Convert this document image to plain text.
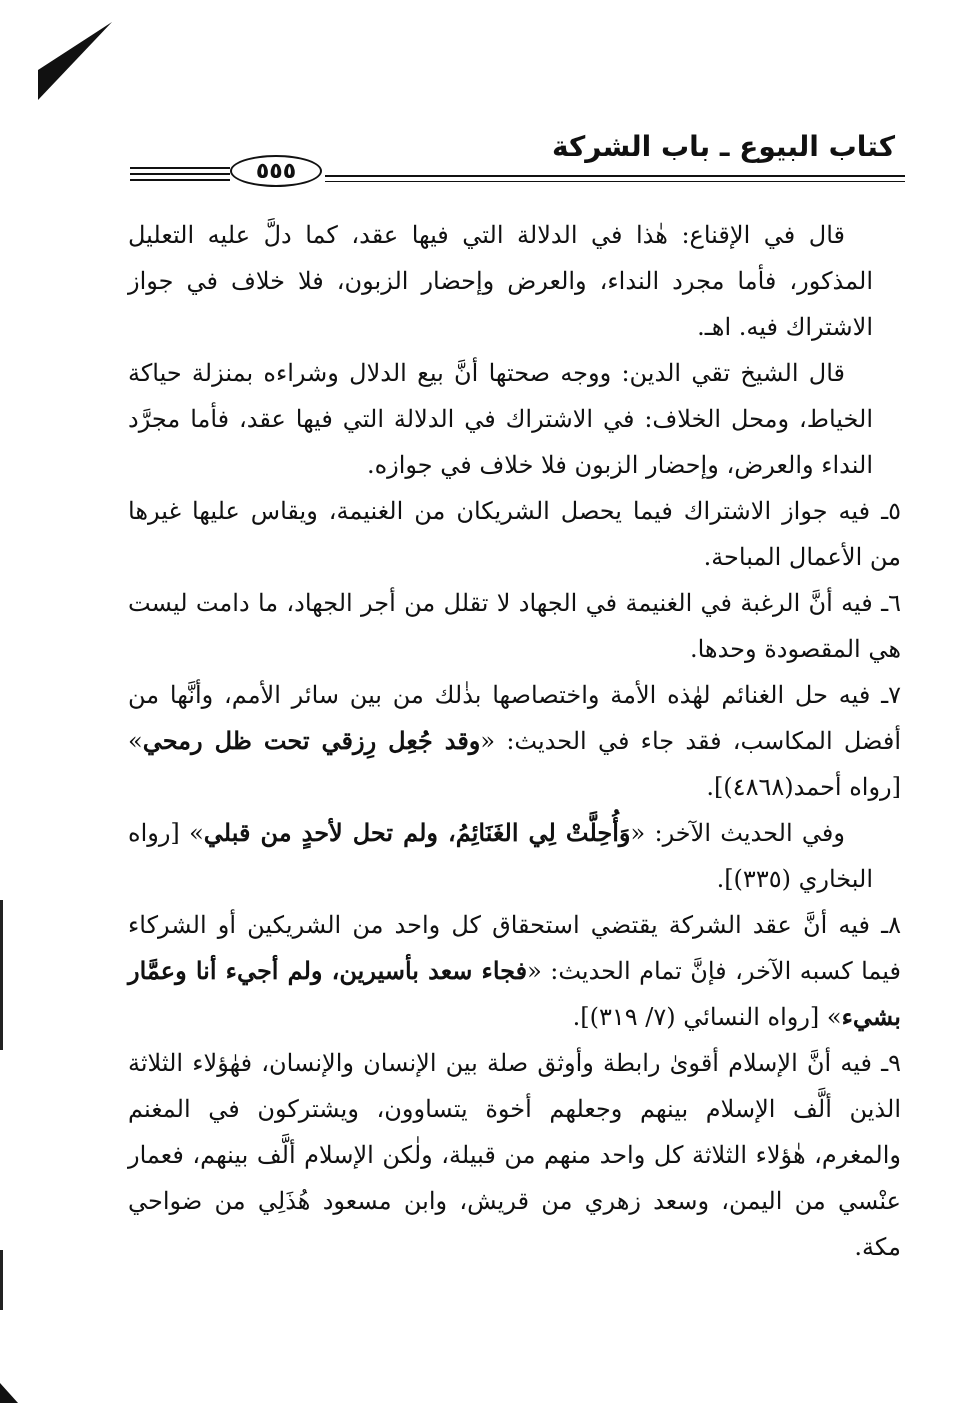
كتاب البيوع ـ باب الشركة
٥٥٥

قال في الإقناع: هٰذا في الدلالة التي فيها عقد، كما دلَّ عليه التعليل المذكور، فأما مجرد النداء، والعرض وإحضار الزبون، فلا خلاف في جواز الاشتراك فيه. اهـ.

قال الشيخ تقي الدين: ووجه صحتها أنَّ بيع الدلال وشراءه بمنزلة حياكة الخياط، ومحل الخلاف: في الاشتراك في الدلالة التي فيها عقد، فأما مجرَّد النداء والعرض، وإحضار الزبون فلا خلاف في جوازه.

٥ـ فيه جواز الاشتراك فيما يحصل الشريكان من الغنيمة، ويقاس عليها غيرها من الأعمال المباحة.

٦ـ فيه أنَّ الرغبة في الغنيمة في الجهاد لا تقلل من أجر الجهاد، ما دامت ليست هي المقصودة وحدها.

٧ـ فيه حل الغنائم لهٰذه الأمة واختصاصها بذٰلك من بين سائر الأمم، وأنَّها من أفضل المكاسب، فقد جاء في الحديث: «وقد جُعِل رِزقي تحت ظل رمحي» [رواه أحمد(٤٨٦٨)].

وفي الحديث الآخر: «وَأُحِلَّتْ لِي الغَنَائِمُ، ولم تحل لأحدٍ من قبلي» [رواه البخاري (٣٣٥)].

٨ـ فيه أنَّ عقد الشركة يقتضي استحقاق كل واحد من الشريكين أو الشركاء فيما كسبه الآخر، فإنَّ تمام الحديث: «فجاء سعد بأسيرين، ولم أجيء أنا وعمَّار بشيء» [رواه النسائي (٧/ ٣١٩)].

٩ـ فيه أنَّ الإسلام أقوىٰ رابطة وأوثق صلة بين الإنسان والإنسان، فهٰؤلاء الثلاثة الذين ألَّف الإسلام بينهم وجعلهم أخوة يتساوون، ويشتركون في المغنم والمغرم، هٰؤلاء الثلاثة كل واحد منهم من قبيلة، ولٰكن الإسلام ألَّف بينهم، فعمار عنْسي من اليمن، وسعد زهري من قريش، وابن مسعود هُذَلِي من ضواحي مكة.
